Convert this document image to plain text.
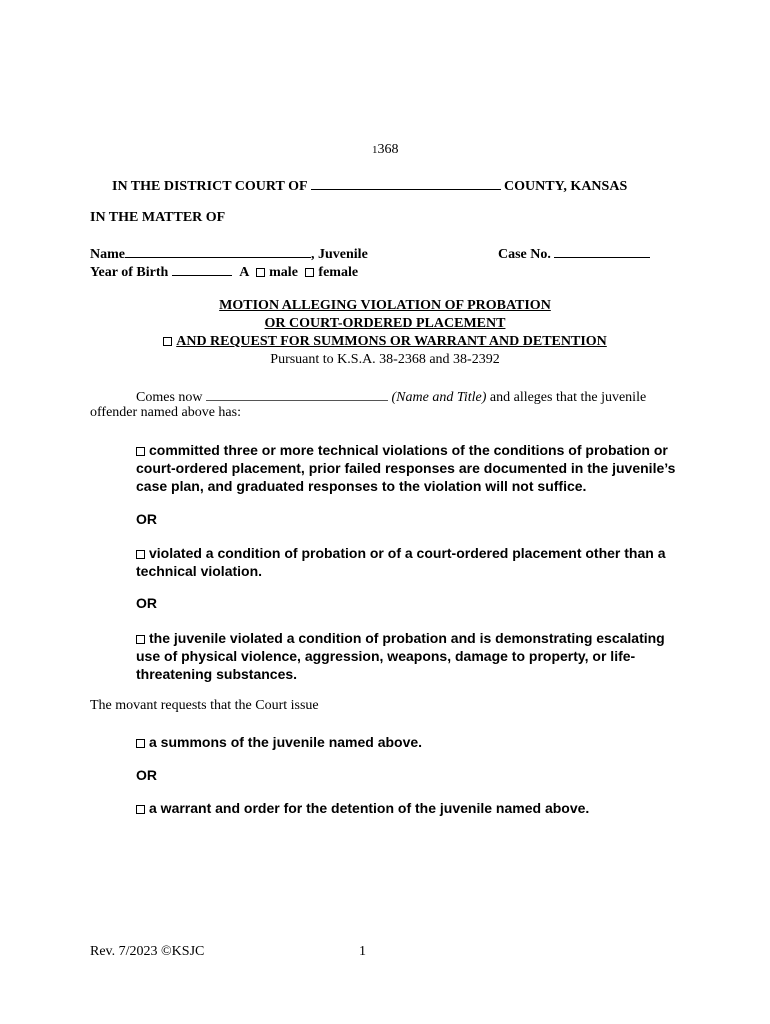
1368
IN THE DISTRICT COURT OF	COUNTY, KANSAS
IN THE MATTER OF
Name	, Juvenile	Case No.
Year of Birth	A male female
MOTION ALLEGING VIOLATION OF PROBATION
OR COURT-ORDERED PLACEMENT
AND REQUEST FOR SUMMONS OR WARRANT AND DETENTION
Pursuant to K.S.A. 38-2368 and 38-2392
Comes now	(Name and Title) and alleges that the juvenile
offender named above has:
committed three or more technical violations of the conditions of probation or court-ordered placement, prior failed responses are documented in the juvenile’s case plan, and graduated responses to the violation will not suffice.
OR
violated a condition of probation or of a court-ordered placement other than a technical violation.
OR
the juvenile violated a condition of probation and is demonstrating escalating use of physical violence, aggression, weapons, damage to property, or life-threatening substances.
The movant requests that the Court issue
a summons of the juvenile named above.
OR
a warrant and order for the detention of the juvenile named above.
Rev. 7/2023 ©KSJC	1
